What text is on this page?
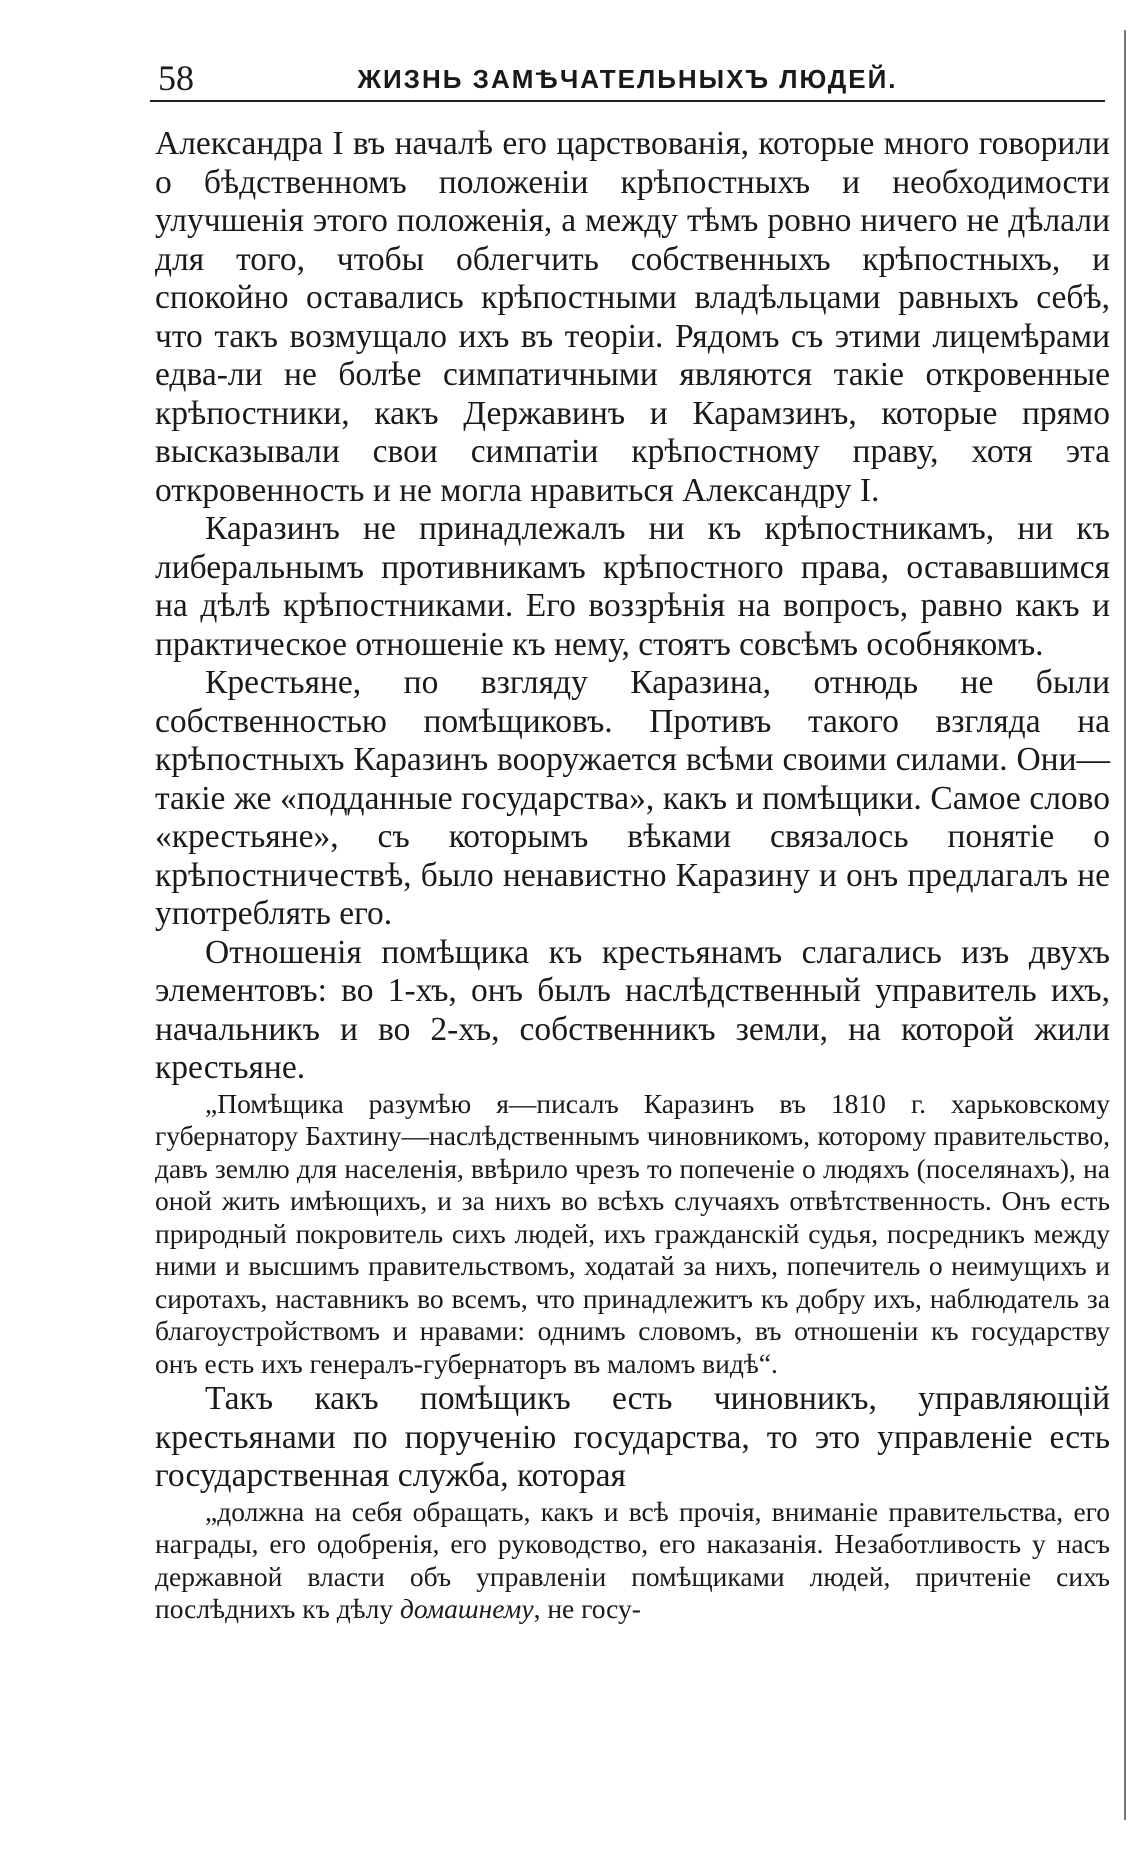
58	ЖИЗНЬ ЗАМѢЧАТЕЛЬНЫХЪ ЛЮДЕЙ.

Александра I въ началѣ его царствованія, которые много говорили о бѣдственномъ положеніи крѣпостныхъ и необходимости улучшенія этого положенія, а между тѣмъ ровно ничего не дѣлали для того, чтобы облегчить собственныхъ крѣпостныхъ, и спокойно оставались крѣпостными владѣльцами равныхъ себѣ, что такъ возмущало ихъ въ теоріи. Рядомъ съ этими лицемѣрами едва-ли не болѣе симпатичными являются такіе откровенные крѣпостники, какъ Державинъ и Карамзинъ, которые прямо высказывали свои симпатіи крѣпостному праву, хотя эта откровенность и не могла нравиться Александру I.

Каразинъ не принадлежалъ ни къ крѣпостникамъ, ни къ либеральнымъ противникамъ крѣпостного права, остававшимся на дѣлѣ крѣпостниками. Его воззрѣнія на вопросъ, равно какъ и практическое отношеніе къ нему, стоятъ совсѣмъ особнякомъ.

Крестьяне, по взгляду Каразина, отнюдь не были собственностью помѣщиковъ. Противъ такого взгляда на крѣпостныхъ Каразинъ вооружается всѣми своими силами. Они—такіе же «подданные государства», какъ и помѣщики. Самое слово «крестьяне», съ которымъ вѣками связалось понятіе о крѣпостничествѣ, было ненавистно Каразину и онъ предлагалъ не употреблять его.

Отношенія помѣщика къ крестьянамъ слагались изъ двухъ элементовъ: во 1-хъ, онъ былъ наслѣдственный управитель ихъ, начальникъ и во 2-хъ, собственникъ земли, на которой жили крестьяне.

„Помѣщика разумѣю я—писалъ Каразинъ въ 1810 г. харьковскому губернатору Бахтину—наслѣдственнымъ чиновникомъ, которому правительство, давъ землю для населенія, ввѣрило чрезъ то попеченіе о людяхъ (поселянахъ), на оной жить имѣющихъ, и за нихъ во всѣхъ случаяхъ отвѣтственность. Онъ есть природный покровитель сихъ людей, ихъ гражданскій судья, посредникъ между ними и высшимъ правительствомъ, ходатай за нихъ, попечитель о неимущихъ и сиротахъ, наставникъ во всемъ, что принадлежитъ къ добру ихъ, наблюдатель за благоустройствомъ и нравами: однимъ словомъ, въ отношеніи къ государству онъ есть ихъ генералъ-губернаторъ въ маломъ видѣ“.

Такъ какъ помѣщикъ есть чиновникъ, управляющій крестьянами по порученію государства, то это управленіе есть государственная служба, которая

„должна на себя обращать, какъ и всѣ прочія, вниманіе правительства, его награды, его одобренія, его руководство, его наказанія. Незаботливость у насъ державной власти объ управленіи помѣщиками людей, причтеніе сихъ послѣднихъ къ дѣлу домашнему, не госу-
